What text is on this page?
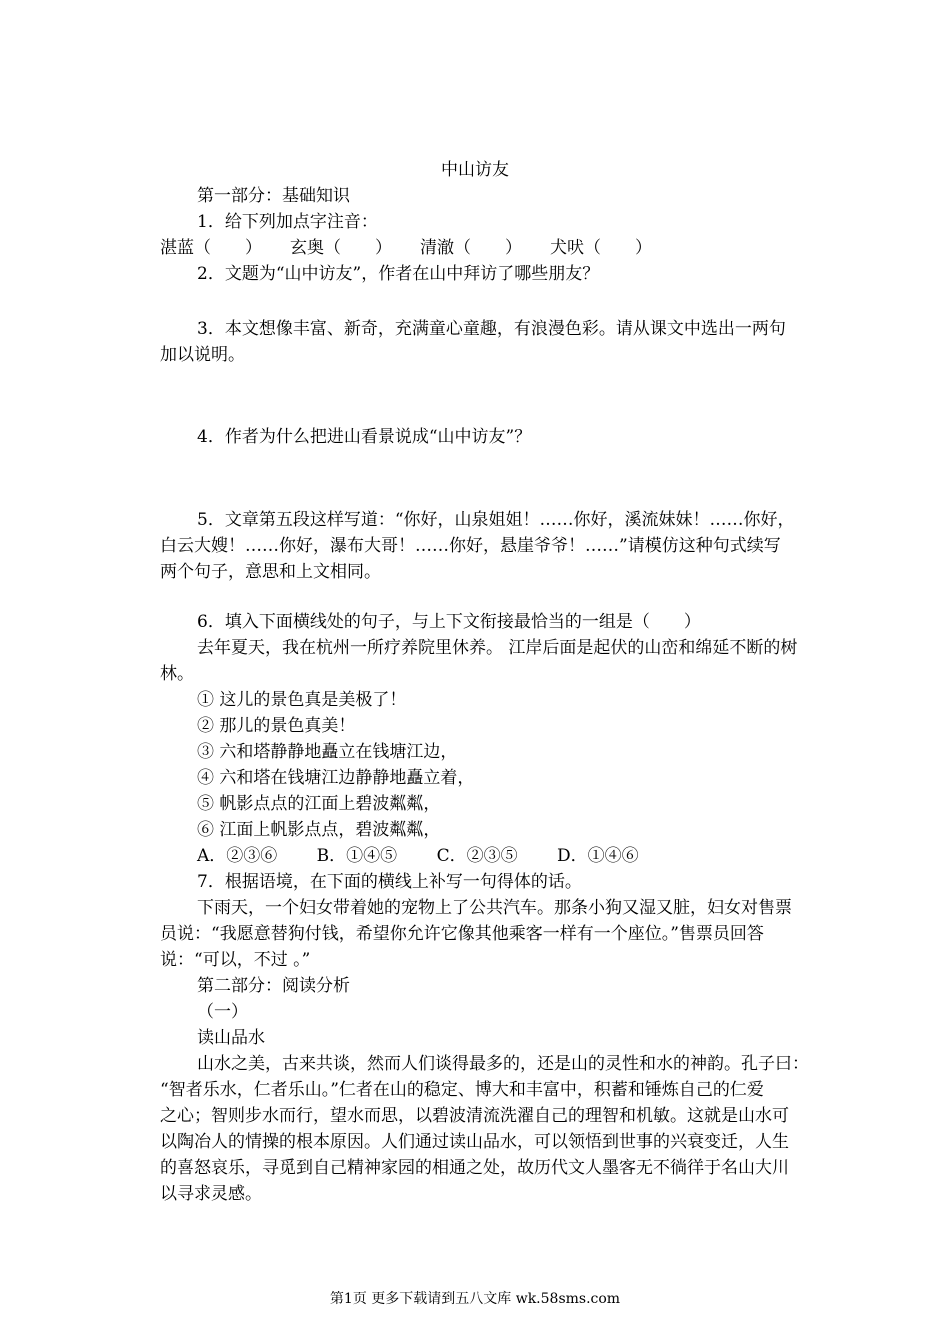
中山访友
第一部分：基础知识
1．给下列加点字注音：
湛蓝（　　） 玄奥（　　） 清澈（　　） 犬吠（　　）
2．文题为“山中访友”，作者在山中拜访了哪些朋友？
3．本文想像丰富、新奇，充满童心童趣，有浪漫色彩。请从课文中选出一两句
加以说明。
4．作者为什么把进山看景说成“山中访友”？
5．文章第五段这样写道：“你好，山泉姐姐！……你好，溪流妹妹！……你好，
白云大嫂！……你好，瀑布大哥！……你好，悬崖爷爷！……”请模仿这种句式续写
两个句子，意思和上文相同。
6．填入下面横线处的句子，与上下文衔接最恰当的一组是（　　）
去年夏天，我在杭州一所疗养院里休养。 江岸后面是起伏的山峦和绵延不断的树
林。
① 这儿的景色真是美极了！
② 那儿的景色真美！
③ 六和塔静静地矗立在钱塘江边，
④ 六和塔在钱塘江边静静地矗立着，
⑤ 帆影点点的江面上碧波粼粼，
⑥ 江面上帆影点点，碧波粼粼，
A．②③⑥　　 B．①④⑤　　 C．②③⑤　　 D．①④⑥
7．根据语境，在下面的横线上补写一句得体的话。
下雨天，一个妇女带着她的宠物上了公共汽车。那条小狗又湿又脏，妇女对售票
员说：“我愿意替狗付钱，希望你允许它像其他乘客一样有一个座位。”售票员回答
说：“可以，不过 。”
第二部分：阅读分析
（一）
读山品水
山水之美，古来共谈，然而人们谈得最多的，还是山的灵性和水的神韵。孔子曰：
“智者乐水，仁者乐山。”仁者在山的稳定、博大和丰富中，积蓄和锤炼自己的仁爱
之心；智则步水而行，望水而思，以碧波清流洗濯自己的理智和机敏。这就是山水可
以陶冶人的情操的根本原因。人们通过读山品水，可以领悟到世事的兴衰变迁，人生
的喜怒哀乐，寻觅到自己精神家园的相通之处，故历代文人墨客无不徜徉于名山大川
以寻求灵感。
第1页 更多下载请到五八文库 wk.58sms.com
